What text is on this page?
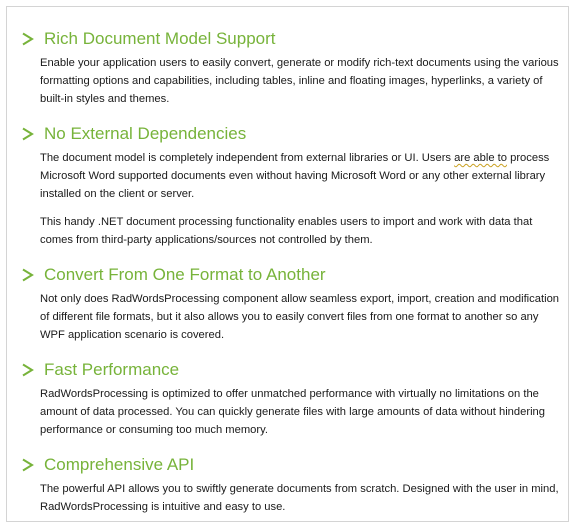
Rich Document Model Support

Enable your application users to easily convert, generate or modify rich-text documents using the various formatting options and capabilities, including tables, inline and floating images, hyperlinks, a variety of built-in styles and themes.

No External Dependencies

The document model is completely independent from external libraries or UI. Users are able to process Microsoft Word supported documents even without having Microsoft Word or any other external library installed on the client or server.

This handy .NET document processing functionality enables users to import and work with data that comes from third-party applications/sources not controlled by them.

Convert From One Format to Another

Not only does RadWordsProcessing component allow seamless export, import, creation and modification of different file formats, but it also allows you to easily convert files from one format to another so any WPF application scenario is covered.

Fast Performance

RadWordsProcessing is optimized to offer unmatched performance with virtually no limitations on the amount of data processed. You can quickly generate files with large amounts of data without hindering performance or consuming too much memory.

Comprehensive API

The powerful API allows you to swiftly generate documents from scratch. Designed with the user in mind, RadWordsProcessing is intuitive and easy to use.
